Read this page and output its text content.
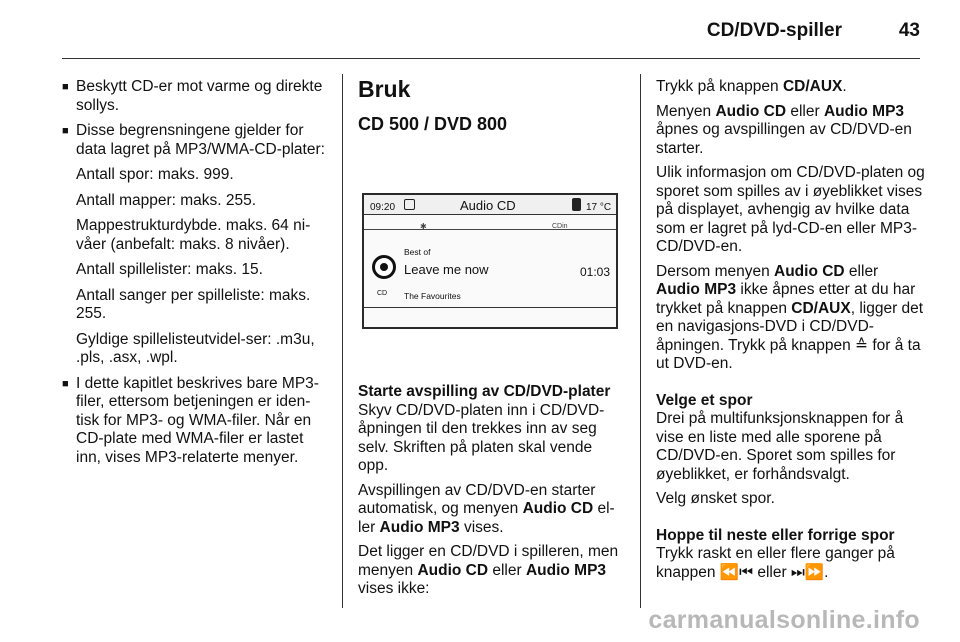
CD/DVD-spiller	43
■ Beskytt CD-er mot varme og direkte sollys.
■ Disse begrensningene gjelder for data lagret på MP3/WMA-CD-plater:
Antall spor: maks. 999.
Antall mapper: maks. 255.
Mappestrukturdybde. maks. 64 ni-våer (anbefalt: maks. 8 nivåer).
Antall spillelister: maks. 15.
Antall sanger per spilleliste: maks. 255.
Gyldige spillelisteutvidel-ser: .m3u, .pls, .asx, .wpl.
■ I dette kapitlet beskrives bare MP3-filer, ettersom betjeningen er iden-tisk for MP3- og WMA-filer. Når en CD-plate med WMA-filer er lastet inn, vises MP3-relaterte menyer.
Bruk
CD 500 / DVD 800
09:20	Audio CD	17 °C
✱	CDin
CD
Best of
Leave me now	01:03
The Favourites
Starte avspilling av CD/DVD-plater

Skyv CD/DVD-platen inn i CD/DVD-åpningen til den trekkes inn av seg selv. Skriften på platen skal vende opp.

Avspillingen av CD/DVD-en starter automatisk, og menyen Audio CD el-ler Audio MP3 vises.

Det ligger en CD/DVD i spilleren, men menyen Audio CD eller Audio MP3 vises ikke:

Trykk på knappen CD/AUX.

Menyen Audio CD eller Audio MP3 åpnes og avspillingen av CD/DVD-en starter.

Ulik informasjon om CD/DVD-platen og sporet som spilles av i øyeblikket vises på displayet, avhengig av hvilke data som er lagret på lyd-CD-en eller MP3-CD/DVD-en.

Dersom menyen Audio CD eller Audio MP3 ikke åpnes etter at du har trykket på knappen CD/AUX, ligger det en navigasjons-DVD i CD/DVD-åpningen. Trykk på knappen ≙ for å ta ut DVD-en.

Velge et spor

Drei på multifunksjonsknappen for å vise en liste med alle sporene på CD/DVD-en. Sporet som spilles for øyeblikket, er forhåndsvalgt.

Velg ønsket spor.

Hoppe til neste eller forrige spor

Trykk raskt en eller flere ganger på knappen ⏪⏮ eller ⏭⏩.

carmanualsonline.info
